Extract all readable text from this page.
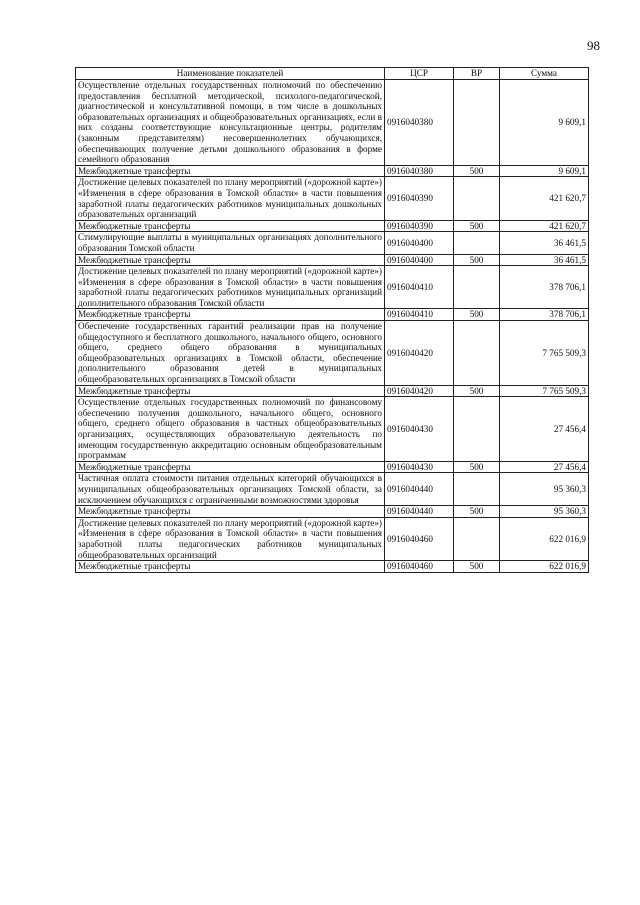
98
Наименование показателей	ЦСР	ВР	Сумма
Осуществление отдельных государственных полномочий по обеспечению предоставления бесплатной методической, психолого-педагогической, диагностической и консультативной помощи, в том числе в дошкольных образовательных организациях и общеобразовательных организациях, если в них созданы соответствующие консультационные центры, родителям (законным представителям) несовершеннолетних обучающихся, обеспечивающих получение детьми дошкольного образования в форме семейного образования	0916040380		9 609,1
Межбюджетные трансферты	0916040380	500	9 609,1
Достижение целевых показателей по плану мероприятий («дорожной карте») «Изменения в сфере образования в Томской области» в части повышения заработной платы педагогических работников муниципальных дошкольных образовательных организаций	0916040390		421 620,7
Межбюджетные трансферты	0916040390	500	421 620,7
Стимулирующие выплаты в муниципальных организациях дополнительного образования Томской области	0916040400		36 461,5
Межбюджетные трансферты	0916040400	500	36 461,5
Достижение целевых показателей по плану мероприятий («дорожной карте») «Изменения в сфере образования в Томской области» в части повышения заработной платы педагогических работников муниципальных организаций дополнительного образования Томской области	0916040410		378 706,1
Межбюджетные трансферты	0916040410	500	378 706,1
Обеспечение государственных гарантий реализации прав на получение общедоступного и бесплатного дошкольного, начального общего, основного общего, среднего общего образования в муниципальных общеобразовательных организациях в Томской области, обеспечение дополнительного образования детей в муниципальных общеобразовательных организациях в Томской области	0916040420		7 765 509,3
Межбюджетные трансферты	0916040420	500	7 765 509,3
Осуществление отдельных государственных полномочий по финансовому обеспечению получения дошкольного, начального общего, основного общего, среднего общего образования в частных общеобразовательных организациях, осуществляющих образовательную деятельность по имеющим государственную аккредитацию основным общеобразовательным программам	0916040430		27 456,4
Межбюджетные трансферты	0916040430	500	27 456,4
Частичная оплата стоимости питания отдельных категорий обучающихся в муниципальных общеобразовательных организациях Томской области, за исключением обучающихся с ограниченными возможностями здоровья	0916040440		95 360,3
Межбюджетные трансферты	0916040440	500	95 360,3
Достижение целевых показателей по плану мероприятий («дорожной карте») «Изменения в сфере образования в Томской области» в части повышения заработной платы педагогических работников муниципальных общеобразовательных организаций	0916040460		622 016,9
Межбюджетные трансферты	0916040460	500	622 016,9
